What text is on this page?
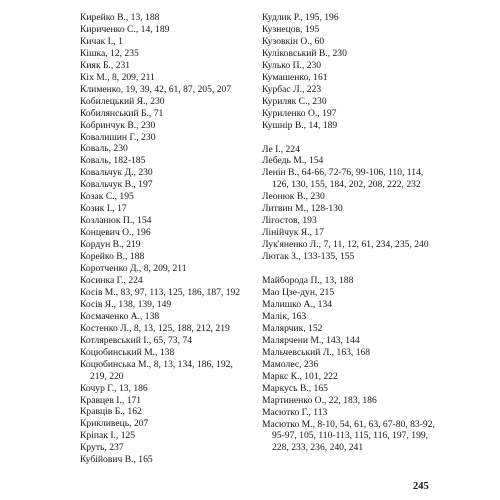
Кирейко В., 13, 188
Кириченко С., 14, 189
Кичак І., 1
Кішка, 12, 235
Кияк Б., 231
Кіх М., 8, 209, 211
Клименко, 19, 39, 42, 61, 87, 205, 207
Кобилецький Я., 230
Кобилянський Б., 71
Кобринчук В., 230
Ковалишин Г., 230
Коваль, 230
Коваль, 182-185
Ковальчук Д., 230
Ковальчук В., 197
Козак С., 195
Козик І., 17
Козланюк П., 154
Концевич О., 196
Кордун В., 219
Корейко В., 188
Коротченко Д., 8, 209, 211
Косинка Г., 224
Косів М., 83, 97, 113, 125, 186, 187, 192
Косів Я., 138, 139, 149
Космаченко А., 138
Костенко Л., 8, 13, 125, 188, 212, 219
Котляревський І., 65, 73, 74
Коцюбинський М., 138
Коцюбинська М., 8, 13, 134, 186, 192, 219, 220
Кочур Г., 13, 186
Кравцев І., 171
Кравців Б., 162
Крикливець, 207
Кріпак І., 125
Круть, 237
Кубійович В., 165
Кудлик Р., 195, 196
Кузнецов, 195
Кузовкін О., 60
Куліковський В., 230
Кулько П., 230
Кумашенко, 161
Курбас Л., 223
Куриляк С., 230
Куриленко О., 197
Кушнір В., 14, 189
Ле І., 224
Лебедь М., 154
Ленін В., 64-66, 72-76, 99-106, 110, 114, 126, 130, 155, 184, 202, 208, 222, 232
Леонюк В., 230
Литвин М., 128-130
Лігостов, 193
Лінійчук Я., 17
Лук'яненко Л., 7, 11, 12, 61, 234, 235, 240
Лютак З., 133-135, 155
Майборода П., 13, 188
Мао Цзе-дун, 215
Малишко А., 134
Малік, 163
Малярчик, 152
Малярчени М., 143, 144
Мальчевський Л., 163, 168
Мамолес, 236
Маркс К., 101, 222
Маркусь В., 165
Мартиненко О., 22, 183, 186
Масютко Г., 113
Масютко М., 8-10, 54, 61, 63, 67-80, 83-92, 95-97, 105, 110-113, 115, 116, 197, 199, 228, 233, 236, 240, 241
245
